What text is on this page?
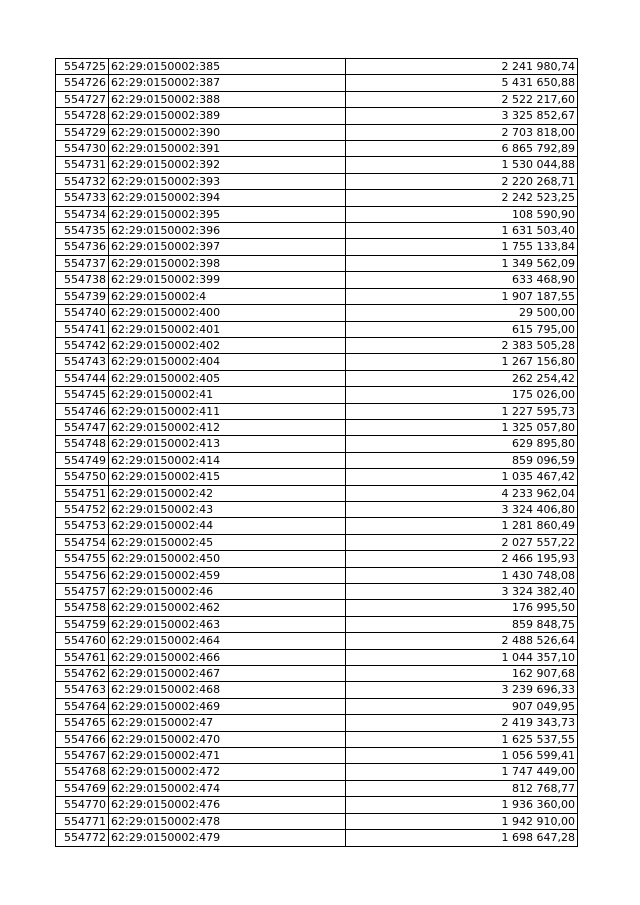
554725	62:29:0150002:385	2 241 980,74
554726	62:29:0150002:387	5 431 650,88
554727	62:29:0150002:388	2 522 217,60
554728	62:29:0150002:389	3 325 852,67
554729	62:29:0150002:390	2 703 818,00
554730	62:29:0150002:391	6 865 792,89
554731	62:29:0150002:392	1 530 044,88
554732	62:29:0150002:393	2 220 268,71
554733	62:29:0150002:394	2 242 523,25
554734	62:29:0150002:395	108 590,90
554735	62:29:0150002:396	1 631 503,40
554736	62:29:0150002:397	1 755 133,84
554737	62:29:0150002:398	1 349 562,09
554738	62:29:0150002:399	633 468,90
554739	62:29:0150002:4	1 907 187,55
554740	62:29:0150002:400	29 500,00
554741	62:29:0150002:401	615 795,00
554742	62:29:0150002:402	2 383 505,28
554743	62:29:0150002:404	1 267 156,80
554744	62:29:0150002:405	262 254,42
554745	62:29:0150002:41	175 026,00
554746	62:29:0150002:411	1 227 595,73
554747	62:29:0150002:412	1 325 057,80
554748	62:29:0150002:413	629 895,80
554749	62:29:0150002:414	859 096,59
554750	62:29:0150002:415	1 035 467,42
554751	62:29:0150002:42	4 233 962,04
554752	62:29:0150002:43	3 324 406,80
554753	62:29:0150002:44	1 281 860,49
554754	62:29:0150002:45	2 027 557,22
554755	62:29:0150002:450	2 466 195,93
554756	62:29:0150002:459	1 430 748,08
554757	62:29:0150002:46	3 324 382,40
554758	62:29:0150002:462	176 995,50
554759	62:29:0150002:463	859 848,75
554760	62:29:0150002:464	2 488 526,64
554761	62:29:0150002:466	1 044 357,10
554762	62:29:0150002:467	162 907,68
554763	62:29:0150002:468	3 239 696,33
554764	62:29:0150002:469	907 049,95
554765	62:29:0150002:47	2 419 343,73
554766	62:29:0150002:470	1 625 537,55
554767	62:29:0150002:471	1 056 599,41
554768	62:29:0150002:472	1 747 449,00
554769	62:29:0150002:474	812 768,77
554770	62:29:0150002:476	1 936 360,00
554771	62:29:0150002:478	1 942 910,00
554772	62:29:0150002:479	1 698 647,28
